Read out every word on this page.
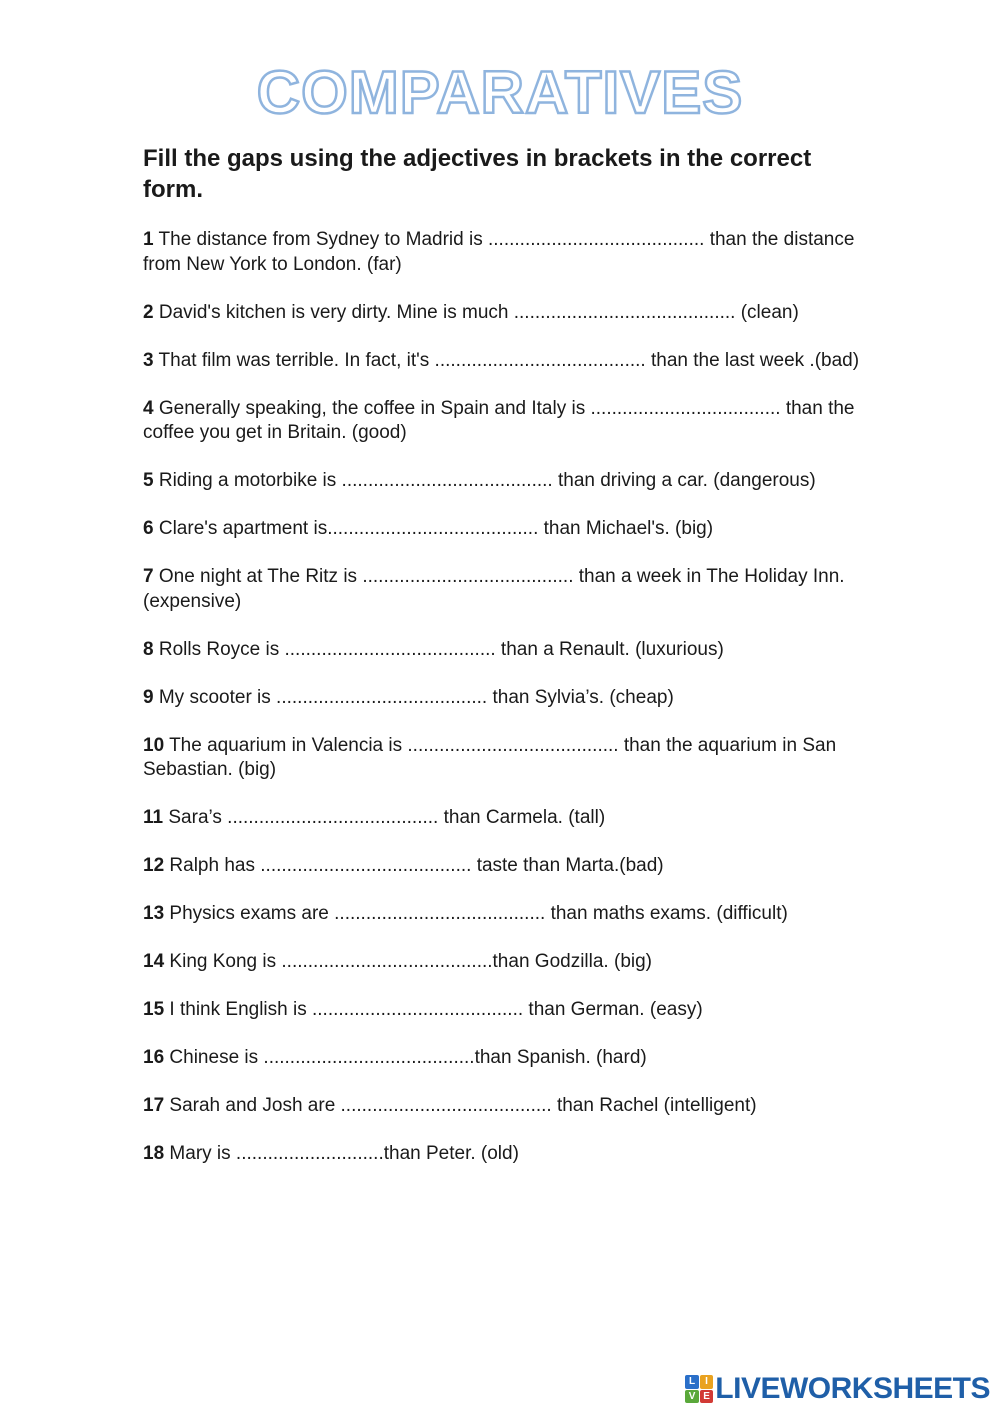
COMPARATIVES
Fill the gaps using the adjectives in brackets in the correct form.
1 The distance from Sydney to Madrid is ......................................... than the distance from New York to London. (far)
2 David's kitchen is very dirty. Mine is much .......................................... (clean)
3 That film was terrible. In fact, it's ........................................ than the last week .(bad)
4 Generally speaking, the coffee in Spain and Italy is .................................... than the coffee you get in Britain. (good)
5 Riding a motorbike is ........................................ than driving a car. (dangerous)
6 Clare's apartment is........................................ than Michael's. (big)
7 One night at The Ritz is ........................................ than a week in The Holiday Inn. (expensive)
8 Rolls Royce is ........................................ than a Renault. (luxurious)
9 My scooter is ........................................ than Sylvia’s. (cheap)
10 The aquarium in Valencia is ........................................ than the aquarium in San Sebastian. (big)
11 Sara’s ........................................ than Carmela. (tall)
12 Ralph has ........................................ taste than Marta.(bad)
13 Physics exams are ........................................ than maths exams. (difficult)
14 King Kong is ........................................than Godzilla. (big)
15 I think English is ........................................ than German. (easy)
16 Chinese is ........................................than Spanish. (hard)
17 Sarah and Josh are ........................................ than Rachel (intelligent)
18 Mary is ............................than Peter. (old)
L	I
V E LIVEWORKSHEETS
